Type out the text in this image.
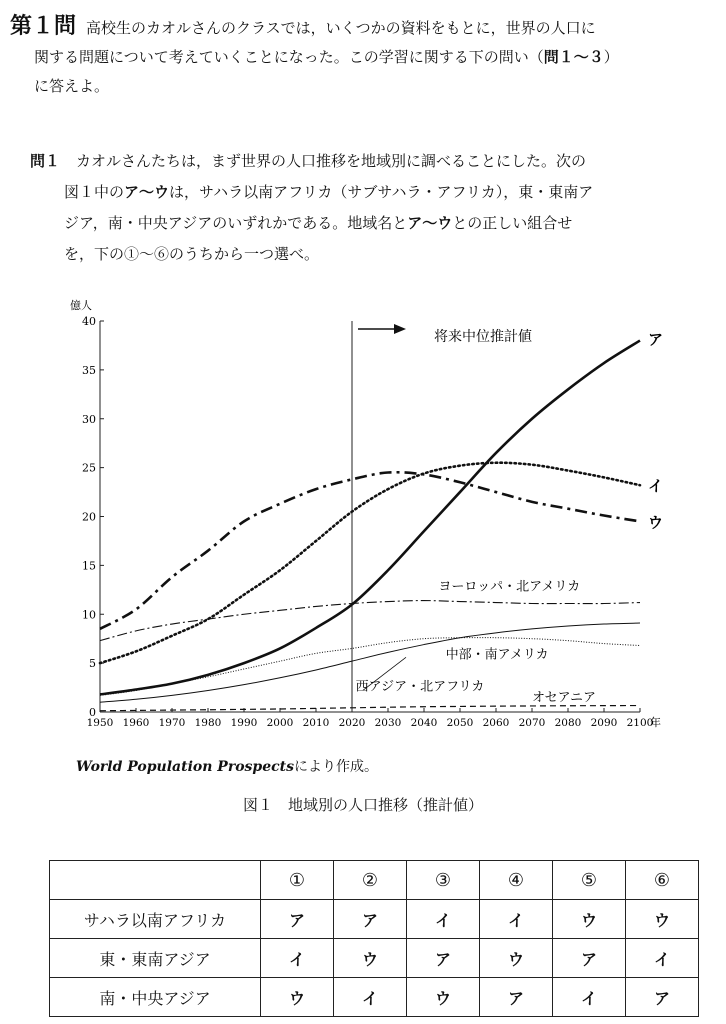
第１問 高校生のカオルさんのクラスでは，いくつかの資料をもとに，世界の人口に
関する問題について考えていくことになった。この学習に関する下の問い（問１～３）
に答えよ。
問１ カオルさんたちは，まず世界の人口推移を地域別に調べることにした。次の
図１中のア～ウは，サハラ以南アフリカ（サブサハラ・アフリカ），東・東南ア
ジア，南・中央アジアのいずれかである。地域名とア～ウとの正しい組合せ
を，下の①～⑥のうちから一つ選べ。
0
5
10
15
20
25
30
35
40
億人
1950 1960 1970 1980 1990 2000 2010 2020 2030 2040 2050 2060 2070 2080 2090 2100
年
将来中位推計値	ア
イ
ウ
ヨーロッパ・北アメリカ
中部・南アメリカ
西アジア・北アフリカ
オセアニア
World Population Prospectsにより作成。
図１　地域別の人口推移（推計値）
	①	②	③	④	⑤	⑥
サハラ以南アフリカ	ア	ア	イ	イ	ウ	ウ
東・東南アジア	イ	ウ	ア	ウ	ア	イ
南・中央アジア	ウ	イ	ウ	ア	イ	ア
